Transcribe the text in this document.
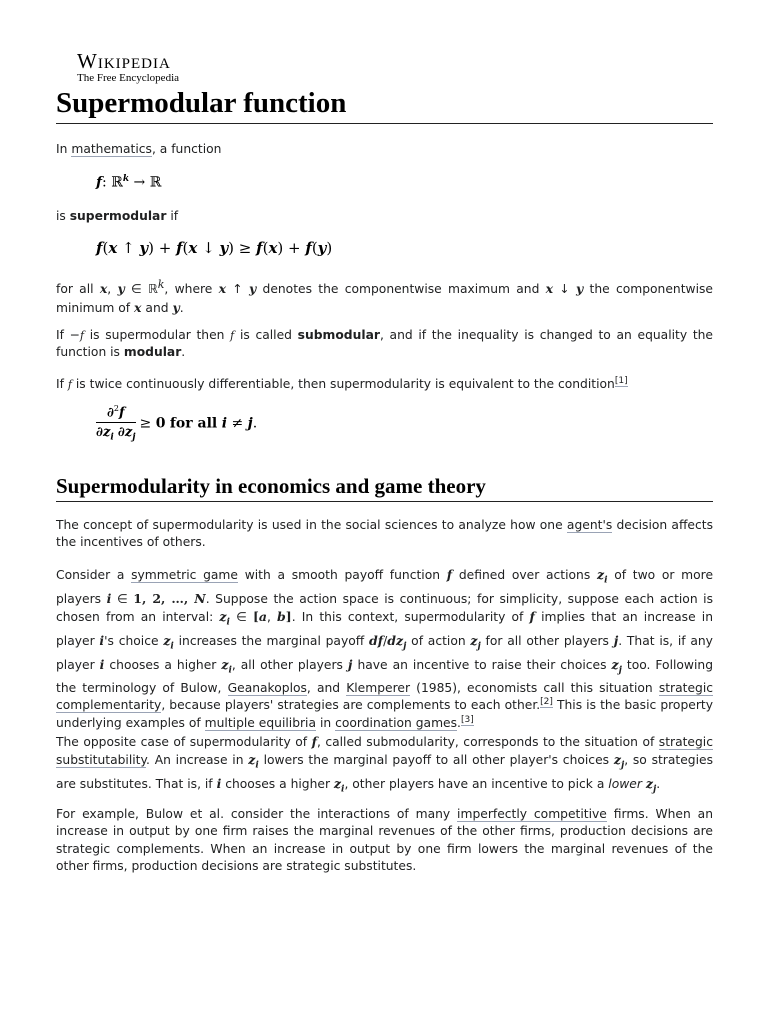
Wikipedia
The Free Encyclopedia
Supermodular function

In mathematics, a function

f: ℝ$^k$ → ℝ

is supermodular if

f(x ↑ y) + f(x ↓ y) ≥ f(x) + f(y)

for all x, y ∈ ℝ$^k$, where x ↑ y denotes the componentwise maximum and x ↓ y the componentwise minimum of x and y.

If −f is supermodular then f is called submodular, and if the inequality is changed to an equality the function is modular.

If f is twice continuously differentiable, then supermodularity is equivalent to the condition[1]

$\frac{\partial^2f}{\partial z_i \partial z_j} \ge 0$ for all i ≠ j.
Supermodularity in economics and game theory

The concept of supermodularity is used in the social sciences to analyze how one agent's decision affects the incentives of others.

Consider a symmetric game with a smooth payoff function f defined over actions $z_i$ of two or more players i ∈ 1, 2, …, N. Suppose the action space is continuous; for simplicity, suppose each action is chosen from an interval: $z_i$ ∈ [a, b]. In this context, supermodularity of f implies that an increase in player i's choice $z_i$ increases the marginal payoff $df/dz_j$ of action $z_j$ for all other players j. That is, if any player i chooses a higher $z_i$, all other players j have an incentive to raise their choices $z_j$ too. Following the terminology of Bulow, Geanakoplos, and Klemperer (1985), economists call this situation strategic complementarity, because players' strategies are complements to each other.[2] This is the basic property underlying examples of multiple equilibria in coordination games.[3]

The opposite case of supermodularity of f, called submodularity, corresponds to the situation of strategic substitutability. An increase in $z_i$ lowers the marginal payoff to all other player's choices $z_j$, so strategies are substitutes. That is, if i chooses a higher $z_i$, other players have an incentive to pick a lower $z_j$.

For example, Bulow et al. consider the interactions of many imperfectly competitive firms. When an increase in output by one firm raises the marginal revenues of the other firms, production decisions are strategic complements. When an increase in output by one firm lowers the marginal revenues of the other firms, production decisions are strategic substitutes.
